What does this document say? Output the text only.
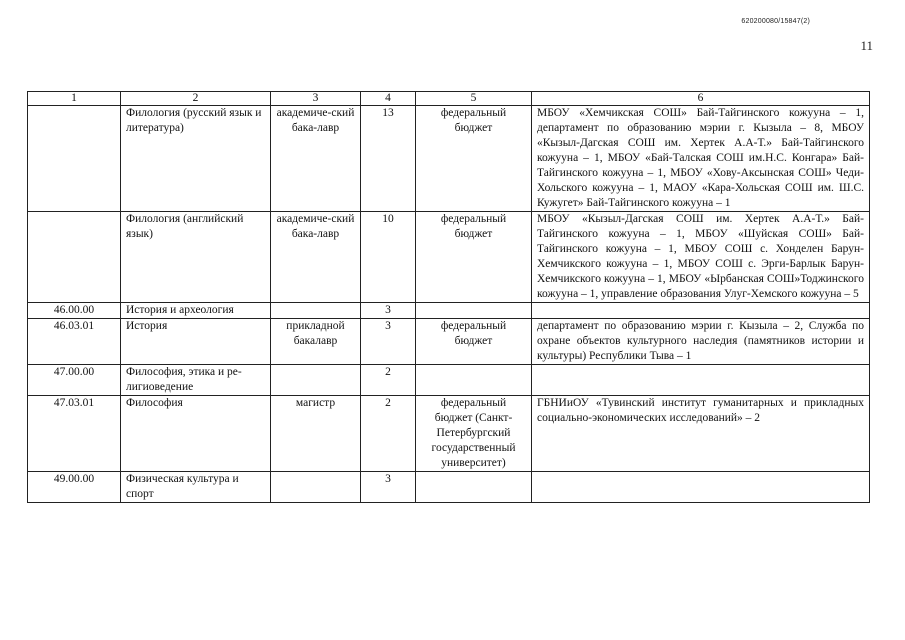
620200080/15847(2)
11
1	2	3	4	5	6
	Филология (русский язык и литература)	академиче-ский бака-лавр	13	федеральный бюджет	МБОУ «Хемчикская СОШ» Бай-Тайгинского кожууна – 1, департамент по образованию мэрии г. Кызыла – 8, МБОУ «Кызыл-Дагская СОШ им. Хертек А.А-Т.» Бай-Тайгинского кожууна – 1, МБОУ «Бай-Талская СОШ им.Н.С. Конгара» Бай-Тайгинского кожууна – 1, МБОУ «Хову-Аксынская СОШ» Чеди-Хольского кожууна – 1, МАОУ «Кара-Хольская СОШ им. Ш.С. Кужугет» Бай-Тайгинского кожууна – 1
	Филология (английский язык)	академиче-ский бака-лавр	10	федеральный бюджет	МБОУ «Кызыл-Дагская СОШ им. Хертек А.А-Т.» Бай-Тайгинского кожууна – 1, МБОУ «Шуйская СОШ» Бай-Тайгинского кожууна – 1, МБОУ СОШ с. Хонделен Барун-Хемчикского кожууна – 1, МБОУ СОШ с. Эрги-Барлык Барун-Хемчикского кожууна – 1, МБОУ «Ырбанская СОШ»Тоджинского кожууна – 1, управление образования Улуг-Хемского кожууна – 5
46.00.00	История и археология		3		
46.03.01	История	прикладной бакалавр	3	федеральный бюджет	департамент по образованию мэрии г. Кызыла – 2, Служба по охране объектов культурного наследия (памятников истории и культуры) Республики Тыва – 1
47.00.00	Философия, этика и ре-лигиоведение		2		
47.03.01	Философия	магистр	2	федеральный бюджет (Санкт-Петербургский государственный университет)	ГБНИиОУ «Тувинский институт гуманитарных и прикладных социально-экономических исследований» – 2
49.00.00	Физическая культура и спорт		3		
